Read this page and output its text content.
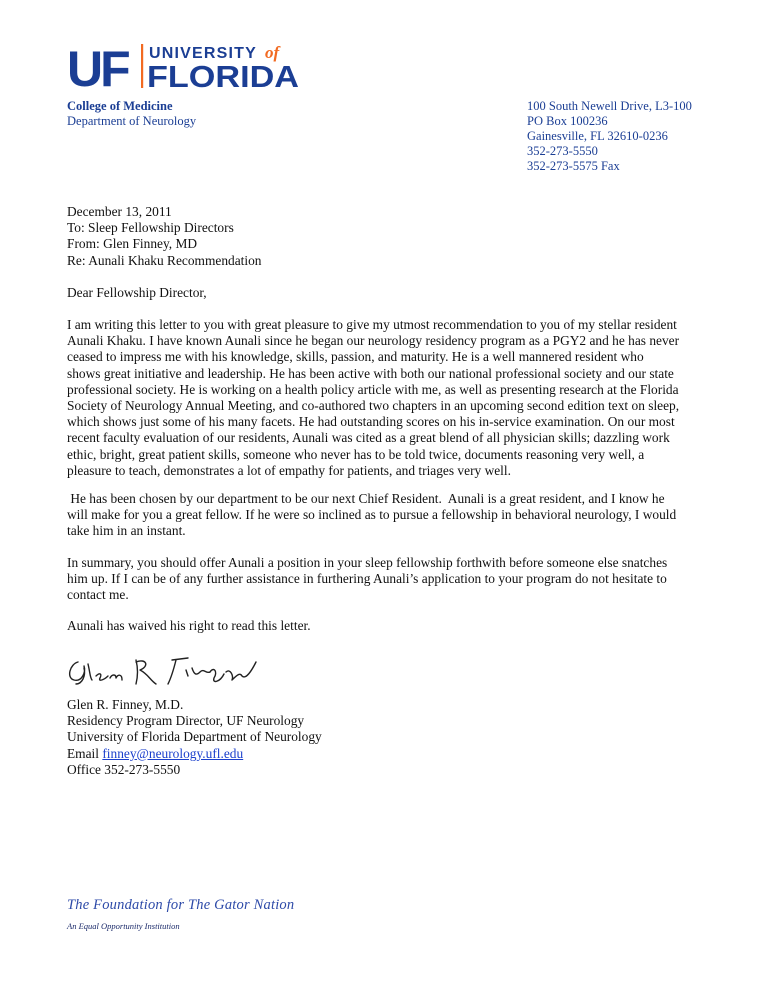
UF UNIVERSITY of
FLORIDA
College of Medicine
Department of Neurology
100 South Newell Drive, L3-100
PO Box 100236
Gainesville, FL 32610-0236
352-273-5550
352-273-5575 Fax
December 13, 2011
To: Sleep Fellowship Directors
From: Glen Finney, MD
Re: Aunali Khaku Recommendation
Dear Fellowship Director,
I am writing this letter to you with great pleasure to give my utmost recommendation to you of my stellar resident
Aunali Khaku. I have known Aunali since he began our neurology residency program as a PGY2 and he has never
ceased to impress me with his knowledge, skills, passion, and maturity. He is a well mannered resident who
shows great initiative and leadership. He has been active with both our national professional society and our state
professional society. He is working on a health policy article with me, as well as presenting research at the Florida
Society of Neurology Annual Meeting, and co-authored two chapters in an upcoming second edition text on sleep,
which shows just some of his many facets. He had outstanding scores on his in-service examination. On our most
recent faculty evaluation of our residents, Aunali was cited as a great blend of all physician skills; dazzling work
ethic, bright, great patient skills, someone who never has to be told twice, documents reasoning very well, a
pleasure to teach, demonstrates a lot of empathy for patients, and triages very well.
He has been chosen by our department to be our next Chief Resident.  Aunali is a great resident, and I know he
will make for you a great fellow. If he were so inclined as to pursue a fellowship in behavioral neurology, I would
take him in an instant.
In summary, you should offer Aunali a position in your sleep fellowship forthwith before someone else snatches
him up. If I can be of any further assistance in furthering Aunali’s application to your program do not hesitate to
contact me.
Aunali has waived his right to read this letter.
Glen R. Finney, M.D.
Residency Program Director, UF Neurology
University of Florida Department of Neurology
Email finney@neurology.ufl.edu
Office 352-273-5550
The Foundation for The Gator Nation
An Equal Opportunity Institution
